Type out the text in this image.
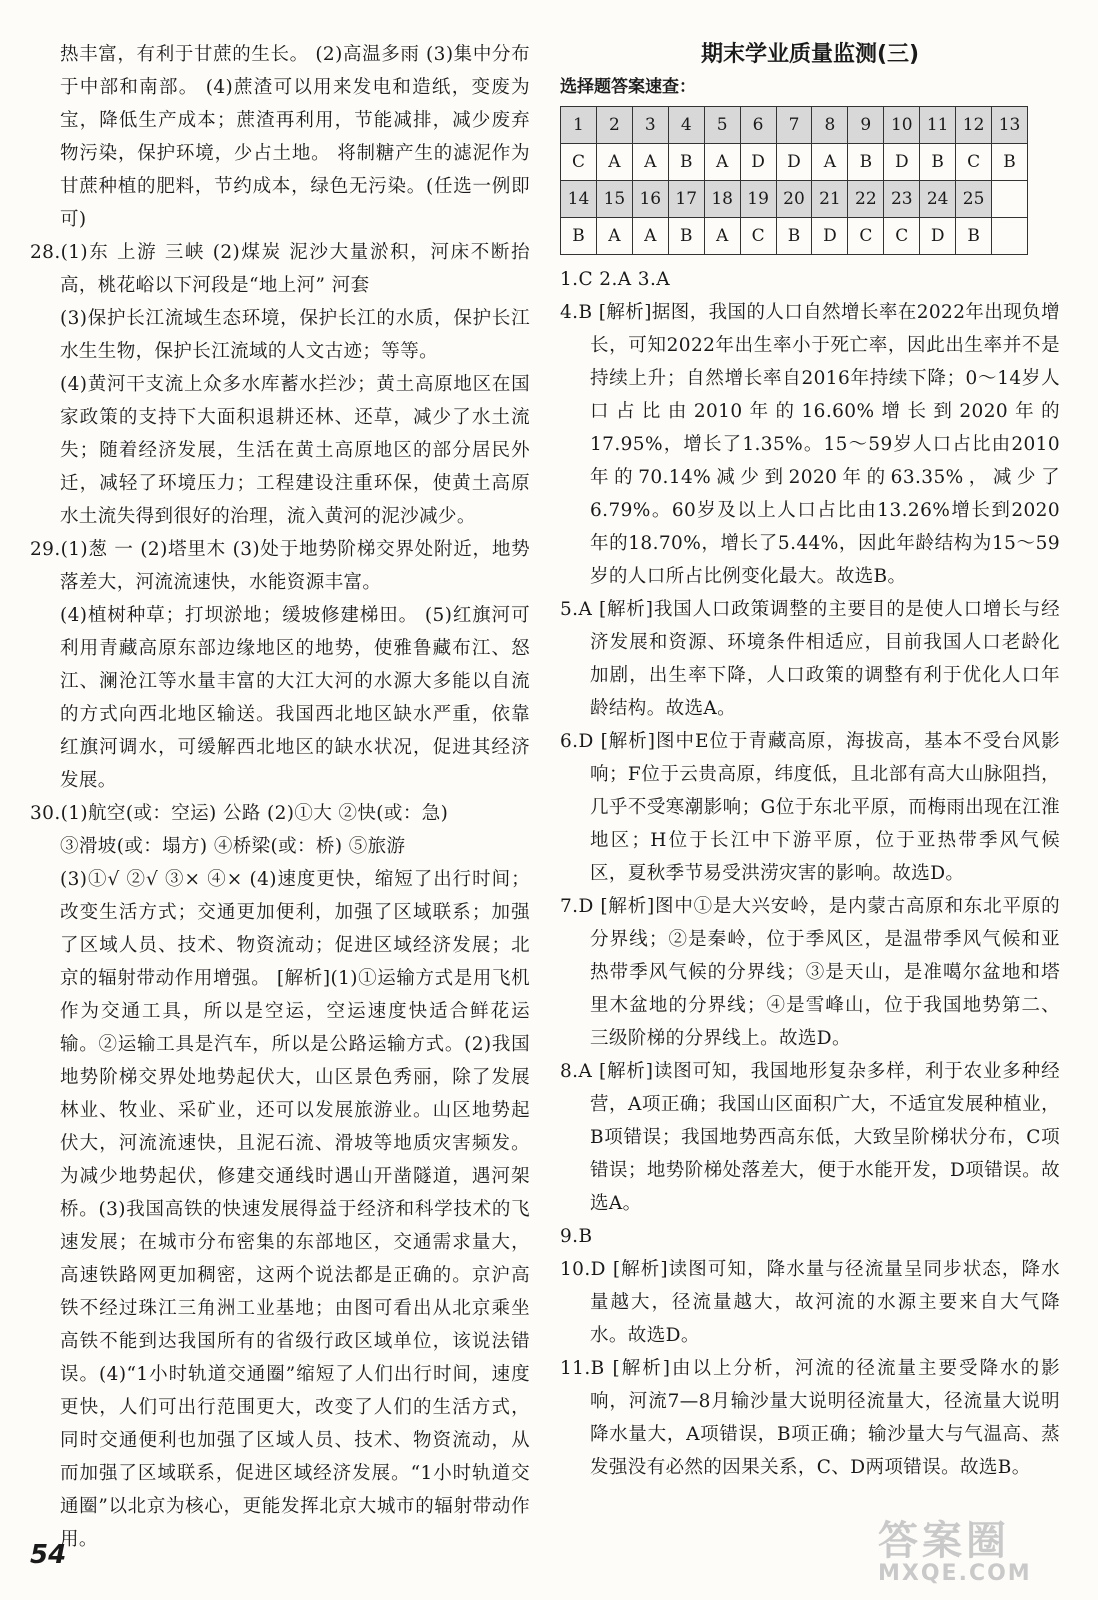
热丰富，有利于甘蔗的生长。 (2)高温多雨 (3)集中分布于中部和南部。 (4)蔗渣可以用来发电和造纸，变废为宝，降低生产成本；蔗渣再利用，节能减排，减少废弃物污染，保护环境，少占土地。 将制糖产生的滤泥作为甘蔗种植的肥料，节约成本，绿色无污染。(任选一例即可)

28.(1)东 上游 三峡 (2)煤炭 泥沙大量淤积，河床不断抬高，桃花峪以下河段是“地上河” 河套

(3)保护长江流域生态环境，保护长江的水质，保护长江水生生物，保护长江流域的人文古迹；等等。

(4)黄河干支流上众多水库蓄水拦沙；黄土高原地区在国家政策的支持下大面积退耕还林、还草，减少了水土流失；随着经济发展，生活在黄土高原地区的部分居民外迁，减轻了环境压力；工程建设注重环保，使黄土高原水土流失得到很好的治理，流入黄河的泥沙减少。

29.(1)葱 一 (2)塔里木 (3)处于地势阶梯交界处附近，地势落差大，河流流速快，水能资源丰富。

(4)植树种草；打坝淤地；缓坡修建梯田。 (5)红旗河可利用青藏高原东部边缘地区的地势，使雅鲁藏布江、怒江、澜沧江等水量丰富的大江大河的水源大多能以自流的方式向西北地区输送。我国西北地区缺水严重，依靠红旗河调水，可缓解西北地区的缺水状况，促进其经济发展。

30.(1)航空(或：空运) 公路 (2)①大 ②快(或：急)

③滑坡(或：塌方) ④桥梁(或：桥) ⑤旅游

(3)①√ ②√ ③× ④× (4)速度更快，缩短了出行时间；改变生活方式；交通更加便利，加强了区域联系；加强了区域人员、技术、物资流动；促进区域经济发展；北京的辐射带动作用增强。 [解析](1)①运输方式是用飞机作为交通工具，所以是空运，空运速度快适合鲜花运输。②运输工具是汽车，所以是公路运输方式。(2)我国地势阶梯交界处地势起伏大，山区景色秀丽，除了发展林业、牧业、采矿业，还可以发展旅游业。山区地势起伏大，河流流速快，且泥石流、滑坡等地质灾害频发。为减少地势起伏，修建交通线时遇山开凿隧道，遇河架桥。(3)我国高铁的快速发展得益于经济和科学技术的飞速发展；在城市分布密集的东部地区，交通需求量大，高速铁路网更加稠密，这两个说法都是正确的。京沪高铁不经过珠江三角洲工业基地；由图可看出从北京乘坐高铁不能到达我国所有的省级行政区域单位，该说法错误。(4)“1小时轨道交通圈”缩短了人们出行时间，速度更快，人们可出行范围更大，改变了人们的生活方式，同时交通便利也加强了区域人员、技术、物资流动，从而加强了区域联系，促进区域经济发展。“1小时轨道交通圈”以北京为核心，更能发挥北京大城市的辐射带动作用。

期末学业质量监测(三)
选择题答案速查：
1	2	3	4	5	6	7	8	9	10	11	12	13
C	A	A	B	A	D	D	A	B	D	B	C	B
14	15	16	17	18	19	20	21	22	23	24	25	
B	A	A	B	A	C	B	D	C	C	D	B	

1.C 2.A 3.A

4.B [解析]据图，我国的人口自然增长率在2022年出现负增长，可知2022年出生率小于死亡率，因此出生率并不是持续上升；自然增长率自2016年持续下降；0～14岁人口占比由2010年的16.60%增长到2020年的17.95%，增长了1.35%。15～59岁人口占比由2010年的70.14%减少到2020年的63.35%，减少了6.79%。60岁及以上人口占比由13.26%增长到2020年的18.70%，增长了5.44%，因此年龄结构为15～59岁的人口所占比例变化最大。故选B。

5.A [解析]我国人口政策调整的主要目的是使人口增长与经济发展和资源、环境条件相适应，目前我国人口老龄化加剧，出生率下降，人口政策的调整有利于优化人口年龄结构。故选A。

6.D [解析]图中E位于青藏高原，海拔高，基本不受台风影响；F位于云贵高原，纬度低，且北部有高大山脉阻挡，几乎不受寒潮影响；G位于东北平原，而梅雨出现在江淮地区；H位于长江中下游平原，位于亚热带季风气候区，夏秋季节易受洪涝灾害的影响。故选D。

7.D [解析]图中①是大兴安岭，是内蒙古高原和东北平原的分界线；②是秦岭，位于季风区，是温带季风气候和亚热带季风气候的分界线；③是天山，是准噶尔盆地和塔里木盆地的分界线；④是雪峰山，位于我国地势第二、三级阶梯的分界线上。故选D。

8.A [解析]读图可知，我国地形复杂多样，利于农业多种经营，A项正确；我国山区面积广大，不适宜发展种植业，B项错误；我国地势西高东低，大致呈阶梯状分布，C项错误；地势阶梯处落差大，便于水能开发，D项错误。故选A。

9.B

10.D [解析]读图可知，降水量与径流量呈同步状态，降水量越大，径流量越大，故河流的水源主要来自大气降水。故选D。

11.B [解析]由以上分析，河流的径流量主要受降水的影响，河流7—8月输沙量大说明径流量大，径流量大说明降水量大，A项错误，B项正确；输沙量大与气温高、蒸发强没有必然的因果关系，C、D两项错误。故选B。

54	答案圈
MXQE.COM
